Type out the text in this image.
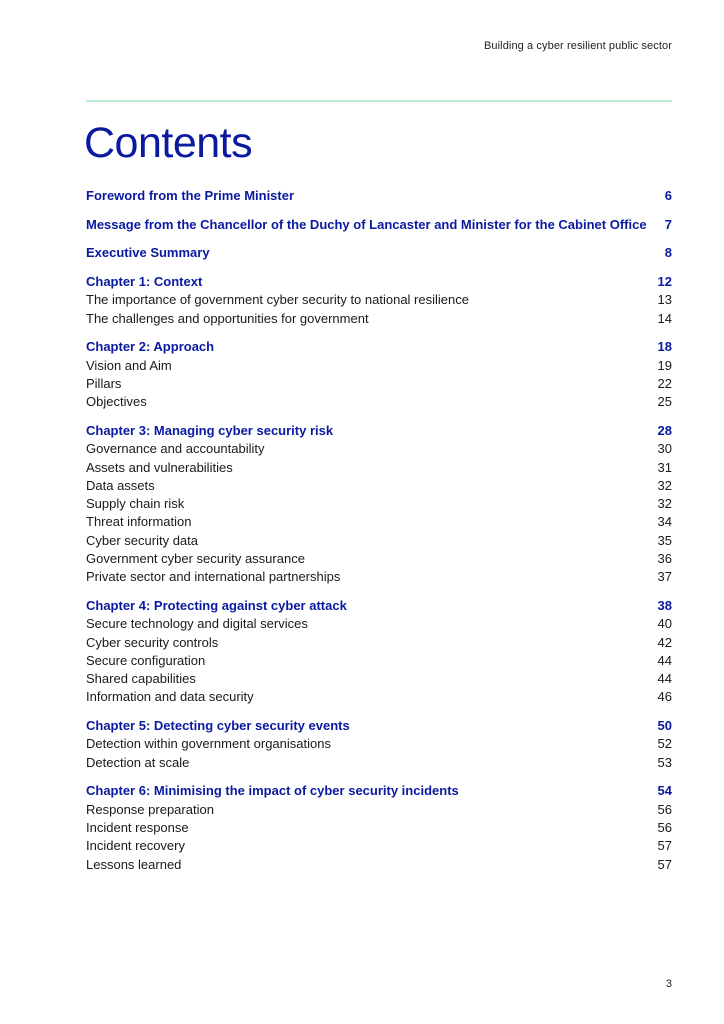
Building a cyber resilient public sector
Contents
Foreword from the Prime Minister	6
Message from the Chancellor of the Duchy of Lancaster and Minister for the Cabinet Office	7
Executive Summary	8
Chapter 1: Context	12
The importance of government cyber security to national resilience	13
The challenges and opportunities for government	14
Chapter 2: Approach	18
Vision and Aim	19
Pillars	22
Objectives	25
Chapter 3: Managing cyber security risk	28
Governance and accountability	30
Assets and vulnerabilities	31
Data assets	32
Supply chain risk	32
Threat information	34
Cyber security data	35
Government cyber security assurance	36
Private sector and international partnerships	37
Chapter 4: Protecting against cyber attack	38
Secure technology and digital services	40
Cyber security controls	42
Secure configuration	44
Shared capabilities	44
Information and data security	46
Chapter 5: Detecting cyber security events	50
Detection within government organisations	52
Detection at scale	53
Chapter 6: Minimising the impact of cyber security incidents	54
Response preparation	56
Incident response	56
Incident recovery	57
Lessons learned	57
3
